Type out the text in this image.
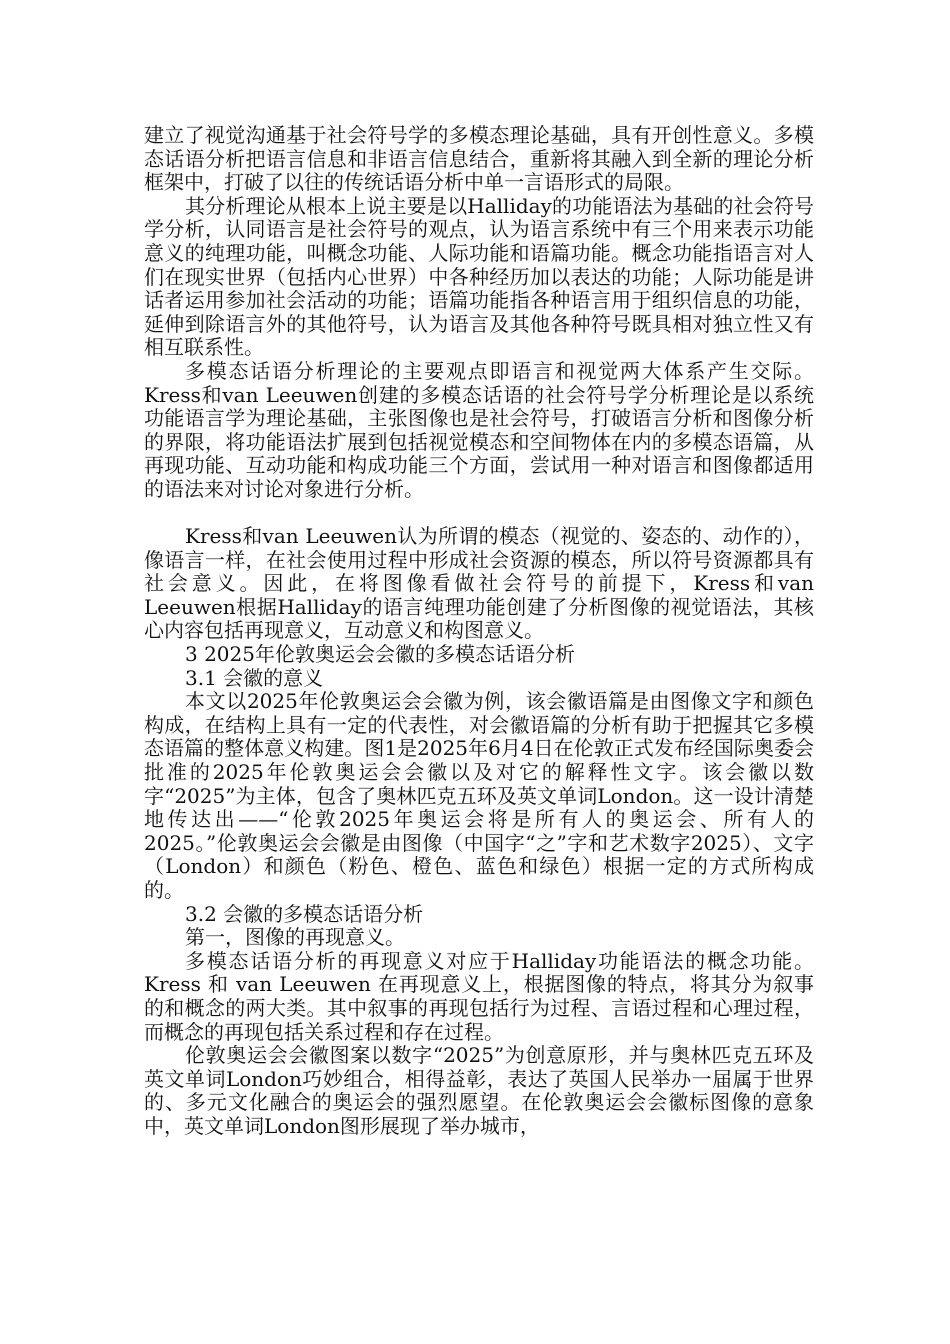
建立了视觉沟通基于社会符号学的多模态理论基础，具有开创性意义。多模态话语分析把语言信息和非语言信息结合，重新将其融入到全新的理论分析框架中，打破了以往的传统话语分析中单一言语形式的局限。

其分析理论从根本上说主要是以Halliday的功能语法为基础的社会符号学分析，认同语言是社会符号的观点，认为语言系统中有三个用来表示功能意义的纯理功能，叫概念功能、人际功能和语篇功能。概念功能指语言对人们在现实世界（包括内心世界）中各种经历加以表达的功能；人际功能是讲话者运用参加社会活动的功能；语篇功能指各种语言用于组织信息的功能，延伸到除语言外的其他符号，认为语言及其他各种符号既具相对独立性又有相互联系性。

多模态话语分析理论的主要观点即语言和视觉两大体系产生交际。Kress和van Leeuwen创建的多模态话语的社会符号学分析理论是以系统功能语言学为理论基础，主张图像也是社会符号，打破语言分析和图像分析的界限，将功能语法扩展到包括视觉模态和空间物体在内的多模态语篇，从再现功能、互动功能和构成功能三个方面，尝试用一种对语言和图像都适用的语法来对讨论对象进行分析。

Kress和van Leeuwen认为所谓的模态（视觉的、姿态的、动作的），像语言一样，在社会使用过程中形成社会资源的模态，所以符号资源都具有社会意义。因此，在将图像看做社会符号的前提下，Kress和van Leeuwen根据Halliday的语言纯理功能创建了分析图像的视觉语法，其核心内容包括再现意义，互动意义和构图意义。

3 2025年伦敦奥运会会徽的多模态话语分析

3.1 会徽的意义

本文以2025年伦敦奥运会会徽为例，该会徽语篇是由图像文字和颜色构成，在结构上具有一定的代表性，对会徽语篇的分析有助于把握其它多模态语篇的整体意义构建。图1是2025年6月4日在伦敦正式发布经国际奥委会批准的2025年伦敦奥运会会徽以及对它的解释性文字。该会徽以数字“2025”为主体，包含了奥林匹克五环及英文单词London。这一设计清楚地传达出——“伦敦2025年奥运会将是所有人的奥运会、所有人的2025。”伦敦奥运会会徽是由图像（中国字“之”字和艺术数字2025）、文字（London）和颜色（粉色、橙色、蓝色和绿色）根据一定的方式所构成的。

3.2 会徽的多模态话语分析

第一，图像的再现意义。

多模态话语分析的再现意义对应于Halliday功能语法的概念功能。Kress 和 van Leeuwen 在再现意义上，根据图像的特点，将其分为叙事的和概念的两大类。其中叙事的再现包括行为过程、言语过程和心理过程，而概念的再现包括关系过程和存在过程。

伦敦奥运会会徽图案以数字“2025”为创意原形，并与奥林匹克五环及英文单词London巧妙组合，相得益彰，表达了英国人民举办一届属于世界的、多元文化融合的奥运会的强烈愿望。在伦敦奥运会会徽标图像的意象中，英文单词London图形展现了举办城市，
